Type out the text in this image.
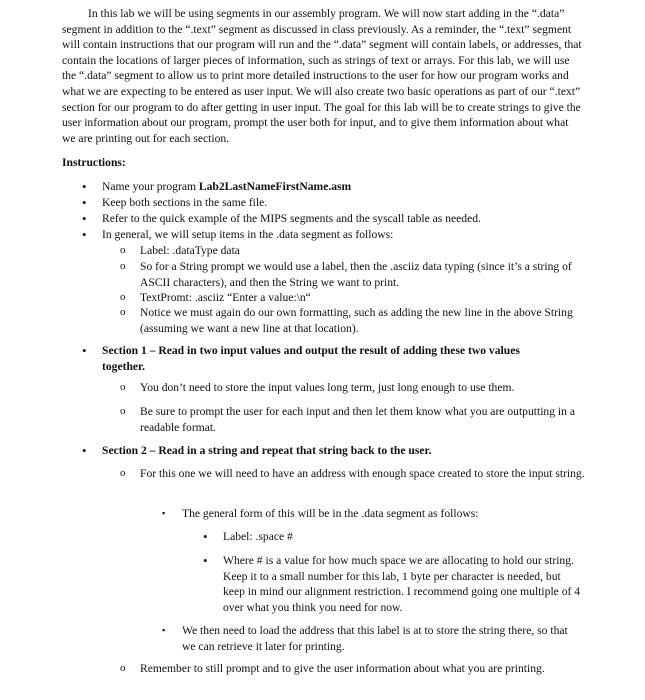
In this lab we will be using segments in our assembly program. We will now start adding in the “.data” segment in addition to the “.text” segment as discussed in class previously. As a reminder, the “.text” segment will contain instructions that our program will run and the “.data” segment will contain labels, or addresses, that contain the locations of larger pieces of information, such as strings of text or arrays. For this lab, we will use the “.data” segment to allow us to print more detailed instructions to the user for how our program works and what we are expecting to be entered as user input. We will also create two basic operations as part of our “.text” section for our program to do after getting in user input. The goal for this lab will be to create strings to give the user information about our program, prompt the user both for input, and to give them information about what we are printing out for each section.

Instructions:

•	Name your program Lab2LastNameFirstName.asm
•	Keep both sections in the same file.
•	Refer to the quick example of the MIPS segments and the syscall table as needed.
•	In general, we will setup items in the .data segment as follows:
o	Label: .dataType data
o	So for a String prompt we would use a label, then the .asciiz data typing (since it’s a string of ASCII characters), and then the String we want to print.
o	TextPromt: .asciiz “Enter a value:\n“
o	Notice we must again do our own formatting, such as adding the new line in the above String (assuming we want a new line at that location).
•	Section 1 – Read in two input values and output the result of adding these two values together.
o	You don’t need to store the input values long term, just long enough to use them.
o	Be sure to prompt the user for each input and then let them know what you are outputting in a readable format.
•	Section 2 – Read in a string and repeat that string back to the user.
o	For this one we will need to have an address with enough space created to store the input string.
▪	The general form of this will be in the .data segment as follows:
•	Label: .space #
•	Where # is a value for how much space we are allocating to hold our string. Keep it to a small number for this lab, 1 byte per character is needed, but keep in mind our alignment restriction. I recommend going one multiple of 4 over what you think you need for now.
▪	We then need to load the address that this label is at to store the string there, so that we can retrieve it later for printing.
o	Remember to still prompt and to give the user information about what you are printing.
